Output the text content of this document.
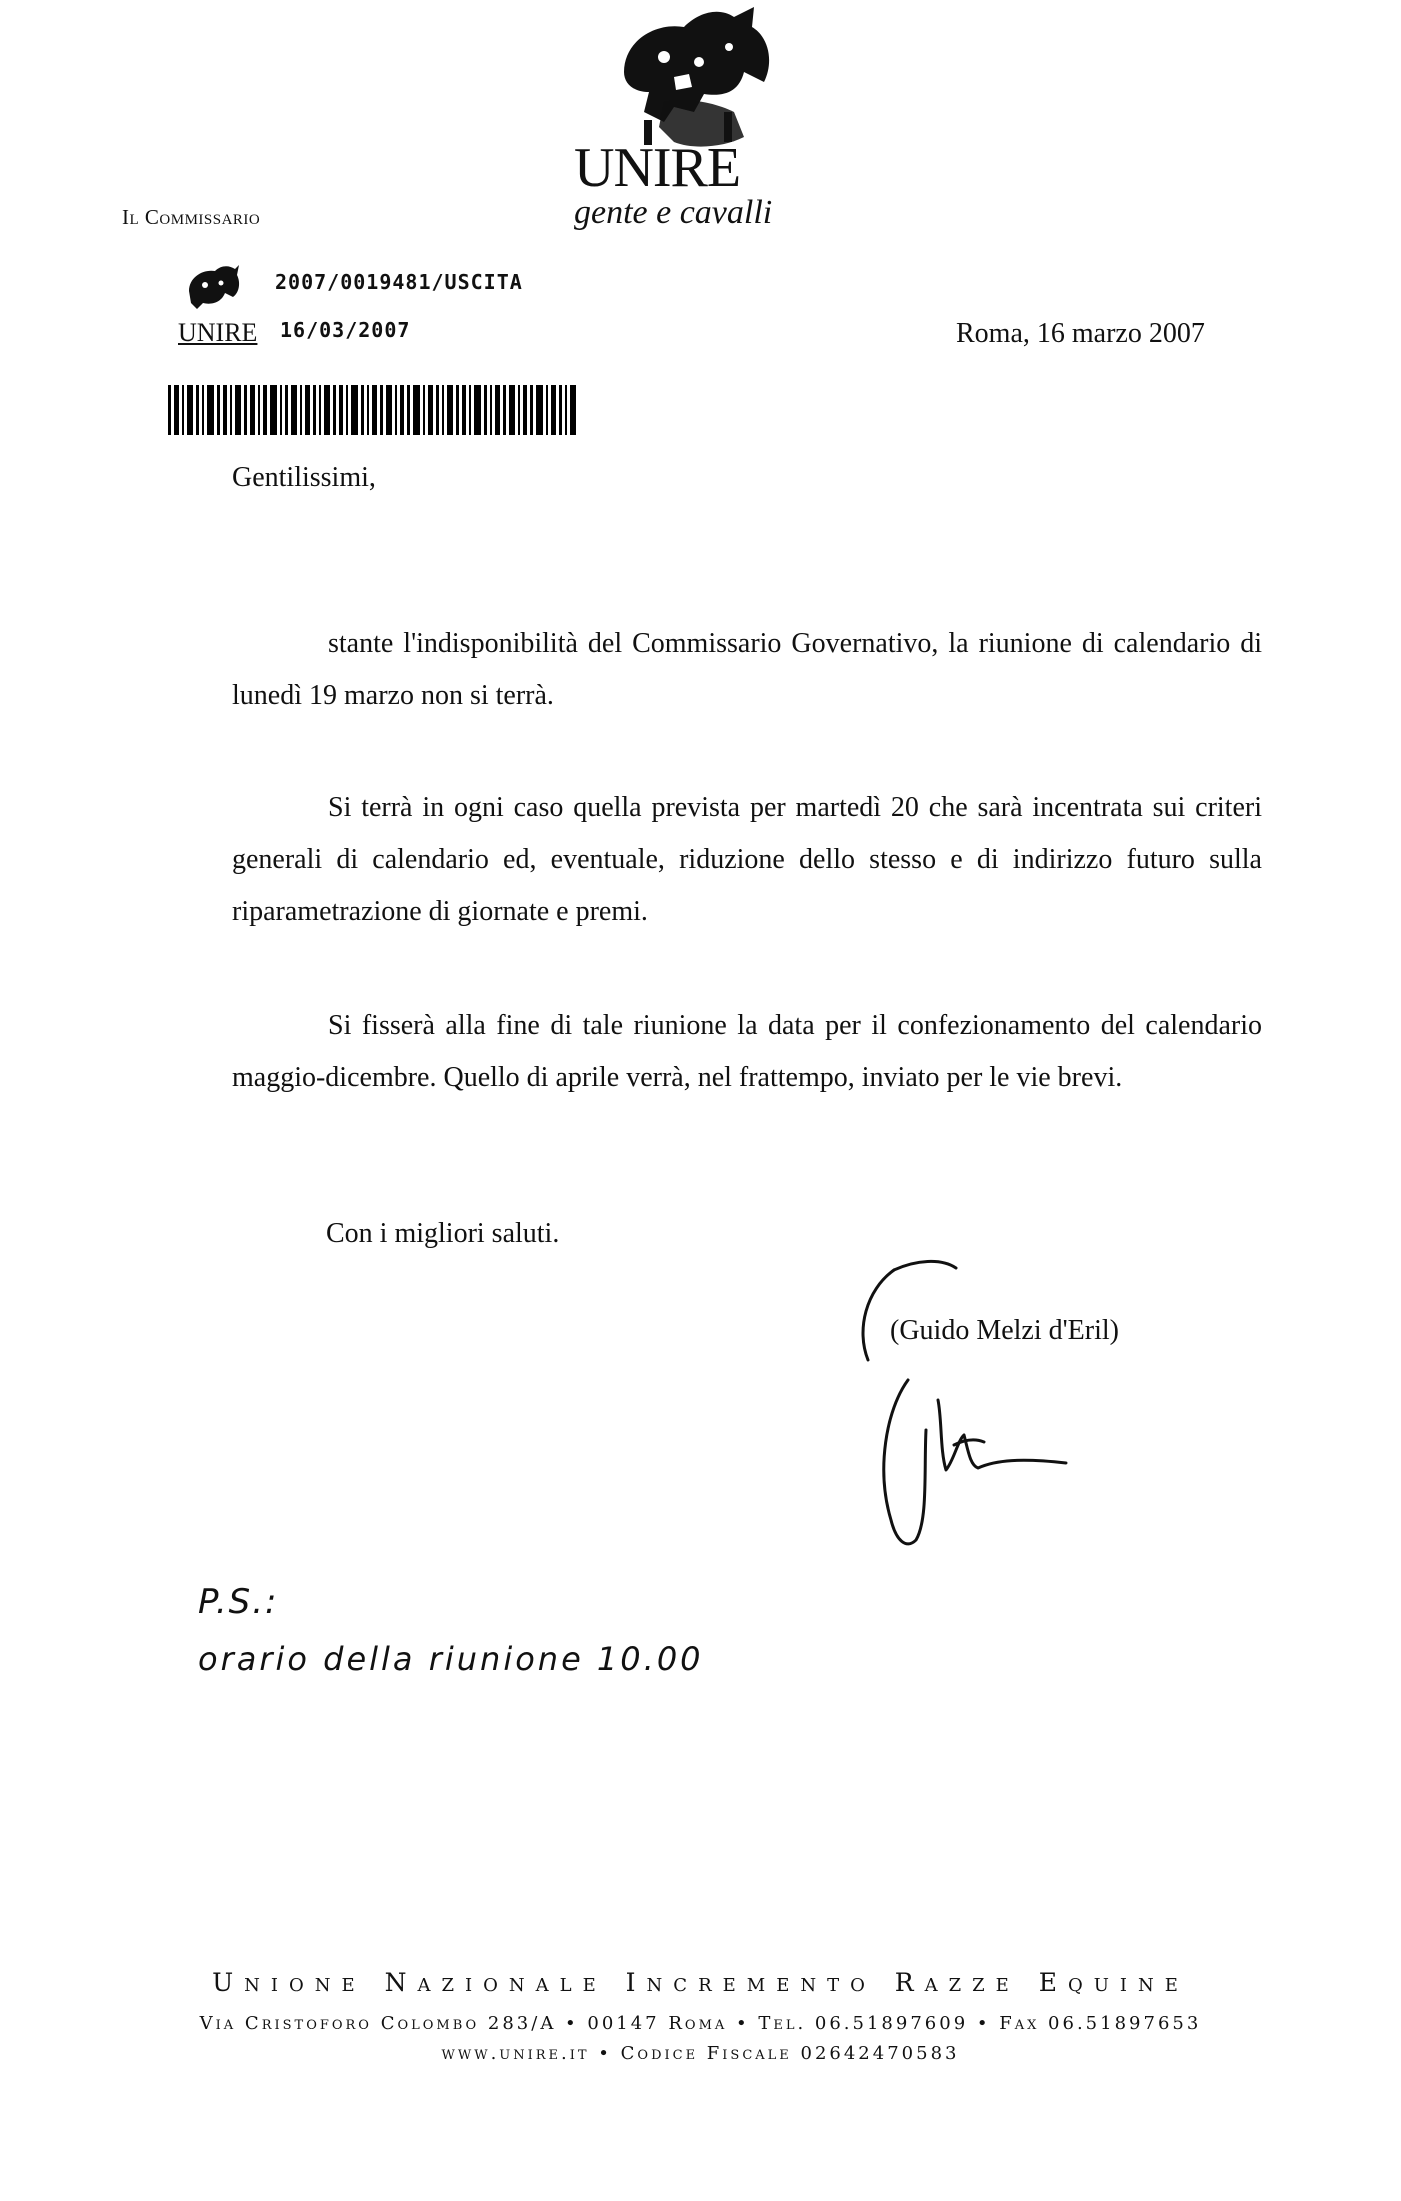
UNIRE
gente e cavalli
Il Commissario
2007/0019481/USCITA
UNIRE 16/03/2007	Roma, 16 marzo 2007
Gentilissimi,
stante l'indisponibilità del Commissario Governativo, la riunione di calendario di lunedì 19 marzo non si terrà.
Si terrà in ogni caso quella prevista per martedì 20 che sarà incentrata sui criteri generali di calendario ed, eventuale, riduzione dello stesso e di indirizzo futuro sulla riparametrazione di giornate e premi.
Si fisserà alla fine di tale riunione la data per il confezionamento del calendario maggio-dicembre. Quello di aprile verrà, nel frattempo, inviato per le vie brevi.
Con i migliori saluti.
(Guido Melzi d'Eril)
P.S.:
orario della riunione 10.00
Unione Nazionale Incremento Razze Equine
Via Cristoforo Colombo 283/A • 00147 Roma • Tel. 06.51897609 • Fax 06.51897653
www.unire.it • Codice Fiscale 02642470583
